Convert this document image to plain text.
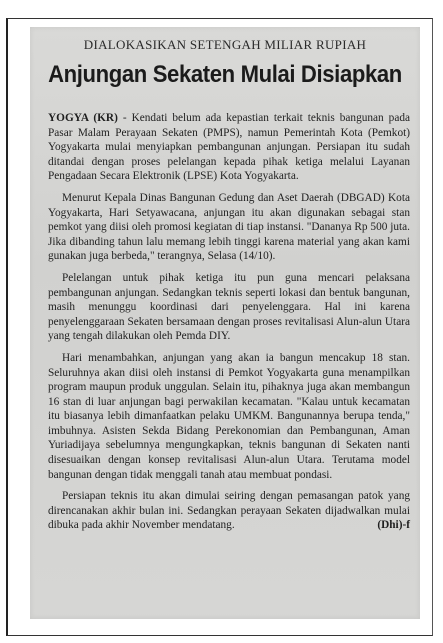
DIALOKASIKAN SETENGAH MILIAR RUPIAH
Anjungan Sekaten Mulai Disiapkan

YOGYA (KR) - Kendati belum ada kepastian terkait teknis bangunan pada Pasar Malam Perayaan Sekaten (PMPS), namun Pemerintah Kota (Pemkot) Yogyakarta mulai menyiapkan pembangunan anjungan. Persiapan itu sudah ditandai dengan proses pelelangan kepada pihak ketiga melalui Layanan Pengadaan Secara Elektronik (LPSE) Kota Yogyakarta.

Menurut Kepala Dinas Bangunan Gedung dan Aset Daerah (DBGAD) Kota Yogyakarta, Hari Setyawacana, anjungan itu akan digunakan sebagai stan pemkot yang diisi oleh promosi kegiatan di tiap instansi. "Dananya Rp 500 juta. Jika dibanding tahun lalu memang lebih tinggi karena material yang akan kami gunakan juga berbeda," terangnya, Selasa (14/10).

Pelelangan untuk pihak ketiga itu pun guna mencari pelaksana pembangunan anjungan. Sedangkan teknis seperti lokasi dan bentuk bangunan, masih menunggu koordinasi dari penyelenggara. Hal ini karena penyelenggaraan Sekaten bersamaan dengan proses revitalisasi Alun-alun Utara yang tengah dilakukan oleh Pemda DIY.

Hari menambahkan, anjungan yang akan ia bangun mencakup 18 stan. Seluruhnya akan diisi oleh instansi di Pemkot Yogyakarta guna menampilkan program maupun produk unggulan. Selain itu, pihaknya juga akan membangun 16 stan di luar anjungan bagi perwakilan kecamatan. "Kalau untuk kecamatan itu biasanya lebih dimanfaatkan pelaku UMKM. Bangunannya berupa tenda," imbuhnya. Asisten Sekda Bidang Perekonomian dan Pembangunan, Aman Yuriadijaya sebelumnya mengungkapkan, teknis bangunan di Sekaten nanti disesuaikan dengan konsep revitalisasi Alun-alun Utara. Terutama model bangunan dengan tidak menggali tanah atau membuat pondasi.

Persiapan teknis itu akan dimulai seiring dengan pemasangan patok yang direncanakan akhir bulan ini. Sedangkan perayaan Sekaten dijadwalkan mulai dibuka pada akhir November mendatang.	(Dhi)-f
